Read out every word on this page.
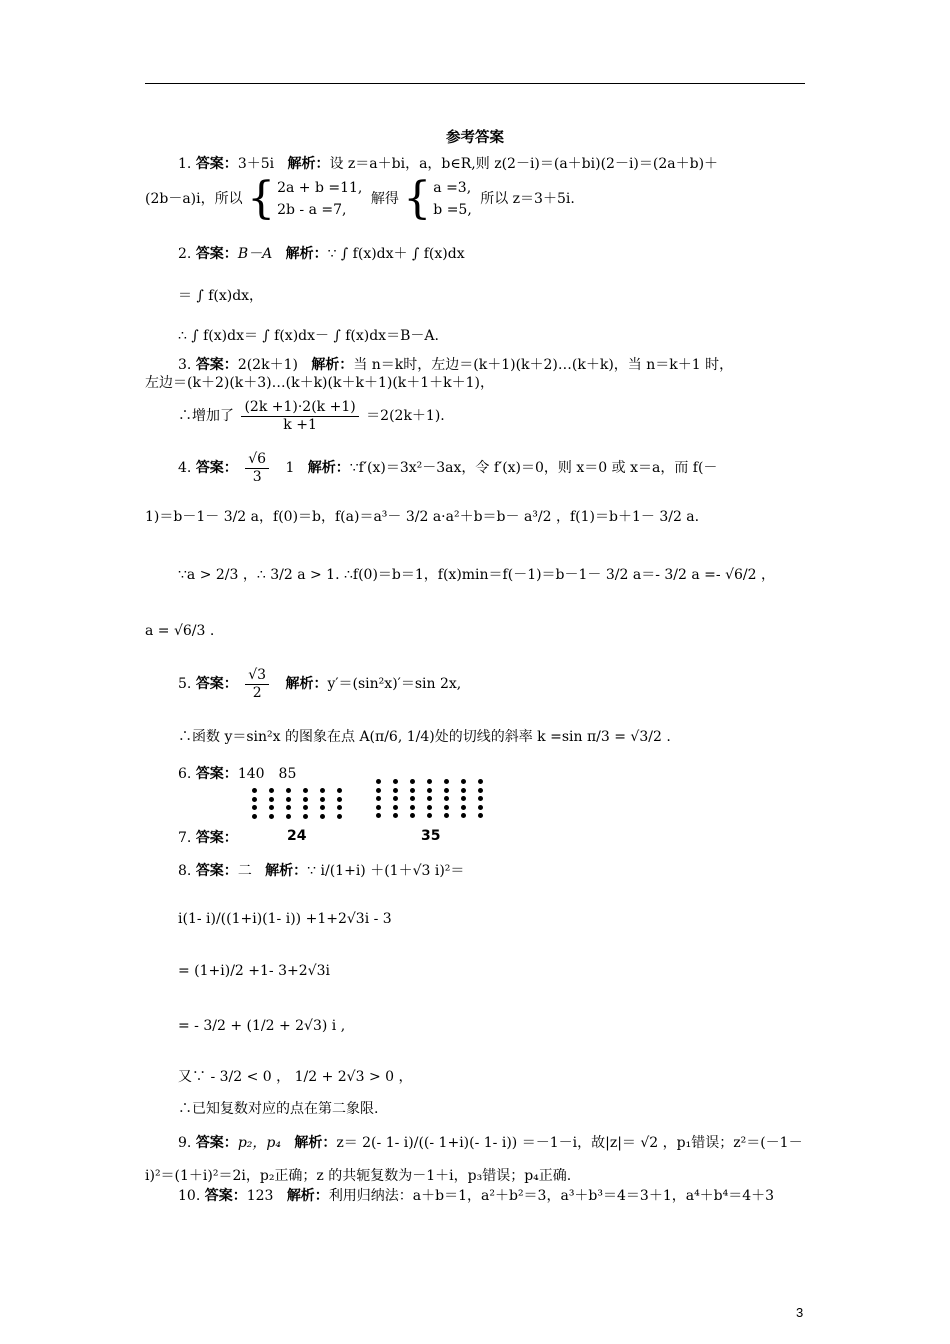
参考答案
1. 答案：3＋5i 解析：设 z＝a＋bi，a，b∈R,则 z(2－i)＝(a＋bi)(2－i)＝(2a＋b)＋
(2b－a)i，所以 { 2a + b =11,
2b - a =7,
解得 { a =3,
b =5,
所以 z＝3＋5i.
2. 答案：B－A 解析：∵ ∫ f(x)dx＋ ∫ f(x)dx
＝ ∫ f(x)dx，
∴ ∫ f(x)dx＝ ∫ f(x)dx－ ∫ f(x)dx＝B－A.
3. 答案：2(2k＋1) 解析：当 n＝k时，左边＝(k＋1)(k＋2)…(k＋k)，当 n＝k＋1 时，
左边＝(k＋2)(k＋3)…(k＋k)(k＋k＋1)(k＋1＋k＋1)，
∴增加了 $\frac{(2k +1)\cdot 2(k +1)}{k +1} =2(2k+1)$.
4. 答案： $\frac{√6}{3} 1$ 解析：∵f′(x)＝3x²－3ax，令 f′(x)＝0，则 x＝0 或 x＝a，而 f(－
1)＝b－1－ 3/2 a，f(0)＝b，f(a)＝a³－ 3/2 a·a²＋b＝b－ a³/2 ，f(1)＝b＋1－ 3/2 a.
∵a > 2/3 ，∴ 3/2 a > 1. ∴f(0)＝b＝1，f(x)min＝f(－1)＝b－1－ 3/2 a＝- 3/2 a =- √6/2 ，
a = √6/3 .
5. 答案： $\frac{√3}{2}$ 解析：y′＝(sin²x)′＝sin 2x,
∴函数 y＝sin²x 的图象在点 A(π/6, 1/4)处的切线的斜率 k =sin π/3 = √3/2 .
6. 答案：140　85
7. 答案：	24	35
8. 答案：二 解析：∵ i/(1+i) ＋(1＋√3 i)²＝
i(1- i)/((1+i)(1- i)) +1+2√3i - 3
= (1+i)/2 +1- 3+2√3i
= - 3/2 + (1/2 + 2√3) i ,
又∵ - 3/2 < 0 ， 1/2 + 2√3 > 0 ，
∴已知复数对应的点在第二象限.
9. 答案：p₂，p₄ 解析：z＝ 2(- 1- i)/((- 1+i)(- 1- i)) ＝－1－i，故|z|＝ √2 ，p₁错误；z²＝(－1－
i)²＝(1＋i)²＝2i，p₂正确；z 的共轭复数为－1＋i，p₃错误；p₄正确.
10. 答案：123 解析：利用归纳法：a＋b＝1，a²＋b²＝3，a³＋b³＝4＝3＋1，a⁴＋b⁴＝4＋3
3
